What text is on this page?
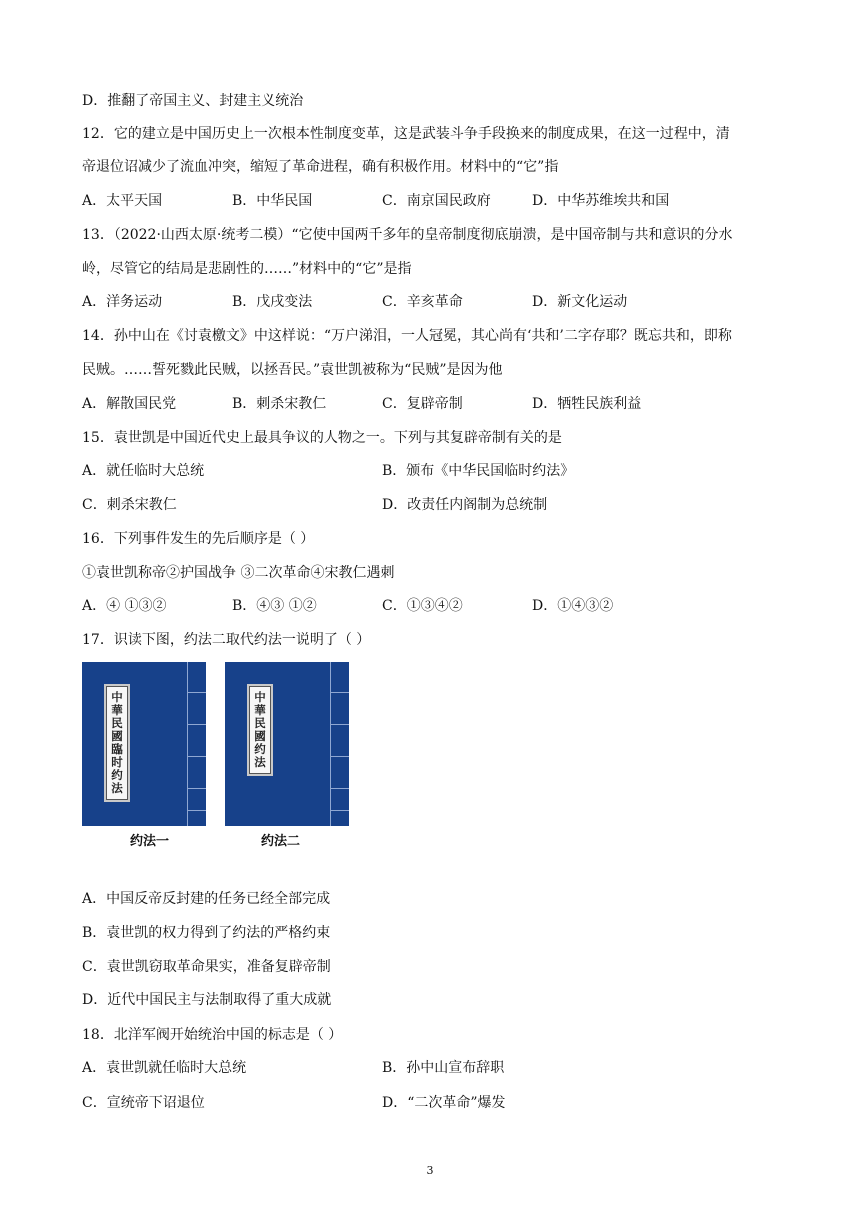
D．推翻了帝国主义、封建主义统治
12．它的建立是中国历史上一次根本性制度变革，这是武装斗争手段换来的制度成果，在这一过程中，清
帝退位诏减少了流血冲突，缩短了革命进程，确有积极作用。材料中的“它”指
A．太平天国	B．中华民国	C．南京国民政府	D．中华苏维埃共和国
13．（2022·山西太原·统考二模）“它使中国两千多年的皇帝制度彻底崩溃，是中国帝制与共和意识的分水
岭，尽管它的结局是悲剧性的……”材料中的“它”是指
A．洋务运动	B．戊戌变法	C．辛亥革命	D．新文化运动
14．孙中山在《讨袁檄文》中这样说：“万户涕泪，一人冠冕，其心尚有‘共和’二字存耶？既忘共和，即称
民贼。……誓死戮此民贼，以拯吾民。”袁世凯被称为“民贼”是因为他
A．解散国民党	B．刺杀宋教仁	C．复辟帝制	D．牺牲民族利益
15．袁世凯是中国近代史上最具争议的人物之一。下列与其复辟帝制有关的是
A．就任临时大总统	B．颁布《中华民国临时约法》
C．刺杀宋教仁	D．改责任内阁制为总统制
16．下列事件发生的先后顺序是（ ）
①袁世凯称帝②护国战争 ③二次革命④宋教仁遇刺
A．④ ①③②	B．④③ ①②	C．①③④②	D．①④③②
17．识读下图，约法二取代约法一说明了（ ）
中華民國臨时约法
中華民國约法
约法一	约法二
A．中国反帝反封建的任务已经全部完成
B．袁世凯的权力得到了约法的严格约束
C．袁世凯窃取革命果实，准备复辟帝制
D．近代中国民主与法制取得了重大成就
18．北洋军阀开始统治中国的标志是（ ）
A．袁世凯就任临时大总统	B．孙中山宣布辞职
C．宣统帝下诏退位	D．“二次革命”爆发
3
